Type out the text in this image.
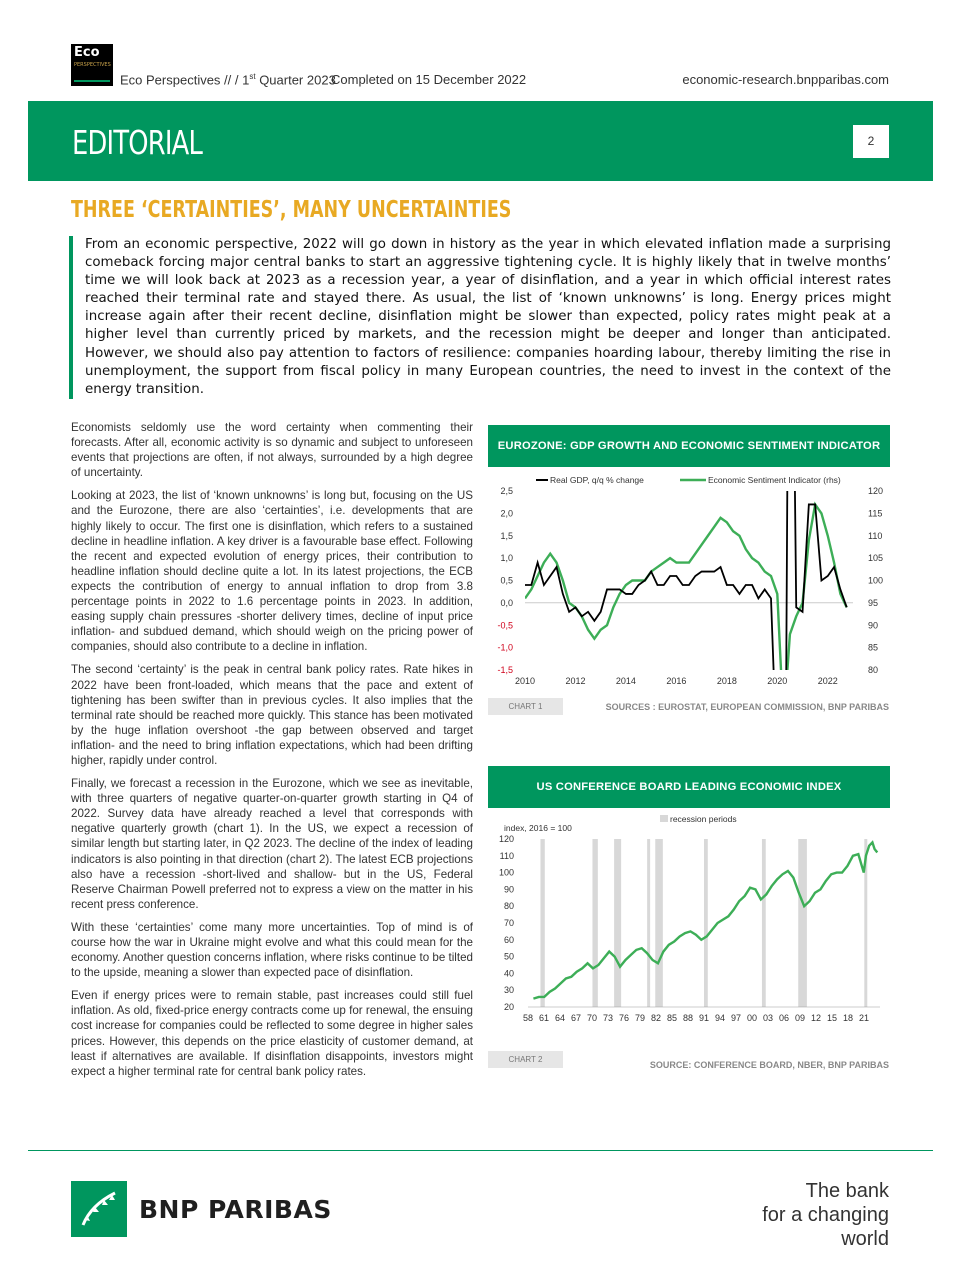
Eco
PERSPECTIVES
Eco Perspectives // / 1st Quarter 2023
Completed on 15 December 2022	economic-research.bnpparibas.com
EDITORIAL	2
THREE ‘CERTAINTIES’, MANY UNCERTAINTIES
From an economic perspective, 2022 will go down in history as the year in which elevated inflation made a surprising comeback forcing major central banks to start an aggressive tightening cycle. It is highly likely that in twelve months’ time we will look back at 2023 as a recession year, a year of disinflation, and a year in which official interest rates reached their terminal rate and stayed there. As usual, the list of ‘known unknowns’ is long. Energy prices might increase again after their recent decline, disinflation might be slower than expected, policy rates might peak at a higher level than currently priced by markets, and the recession might be deeper and longer than anticipated. However, we should also pay attention to factors of resilience: companies hoarding labour, thereby limiting the rise in unemployment, the support from fiscal policy in many European countries, the need to invest in the context of the energy transition.

Economists seldomly use the word certainty when commenting their forecasts. After all, economic activity is so dynamic and subject to unforeseen events that projections are often, if not always, surrounded by a high degree of uncertainty.

Looking at 2023, the list of ‘known unknowns’ is long but, focusing on the US and the Eurozone, there are also ‘certainties’, i.e. developments that are highly likely to occur. The first one is disinflation, which refers to a sustained decline in headline inflation. A key driver is a favourable base effect. Following the recent and expected evolution of energy prices, their contribution to headline inflation should decline quite a lot. In its latest projections, the ECB expects the contribution of energy to annual inflation to drop from 3.8 percentage points in 2022 to 1.6 percentage points in 2023. In addition, easing supply chain pressures -shorter delivery times, decline of input price inflation- and subdued demand, which should weigh on the pricing power of companies, should also contribute to a decline in inflation.

The second ‘certainty’ is the peak in central bank policy rates. Rate hikes in 2022 have been front-loaded, which means that the pace and extent of tightening has been swifter than in previous cycles. It also implies that the terminal rate should be reached more quickly. This stance has been motivated by the huge inflation overshoot -the gap between observed and target inflation- and the need to bring inflation expectations, which had been drifting higher, rapidly under control.

Finally, we forecast a recession in the Eurozone, which we see as inevitable, with three quarters of negative quarter-on-quarter growth starting in Q4 of 2022. Survey data have already reached a level that corresponds with negative quarterly growth (chart 1). In the US, we expect a recession of similar length but starting later, in Q2 2023. The decline of the index of leading indicators is also pointing in that direction (chart 2). The latest ECB projections also have a recession -short-lived and shallow- but in the US, Federal Reserve Chairman Powell preferred not to express a view on the matter in his recent press conference.

With these ‘certainties’ come many more uncertainties. Top of mind is of course how the war in Ukraine might evolve and what this could mean for the economy. Another question concerns inflation, where risks continue to be tilted to the upside, meaning a slower than expected pace of disinflation.

Even if energy prices were to remain stable, past increases could still fuel inflation. As old, fixed-price energy contracts come up for renewal, the ensuing cost increase for companies could be reflected to some degree in higher sales prices. However, this depends on the price elasticity of customer demand, at least if alternatives are available. If disinflation disappoints, investors might expect a higher terminal rate for central bank policy rates.

EUROZONE: GDP GROWTH AND ECONOMIC SENTIMENT INDICATOR
2,5
2,0
1,5
1,0
0,5
0,0
-0,5
-1,0
-1,5
120
115
110
105
100
95
90
85
80
2010	2012	2014	2016	2018	2020	2022
Real GDP, q/q % change	Economic Sentiment Indicator (rhs)
CHART 1	SOURCES : EUROSTAT, EUROPEAN COMMISSION, BNP PARIBAS
US CONFERENCE BOARD LEADING ECONOMIC INDEX
120
110
100
90
80
70
60
50
40
30
20
58 61 64 67 70 73 76 79 82 85 88 91 94 97 00 03 06 09 12 15 18 21
index, 2016 = 100
recession periods
CHART 2
SOURCE: CONFERENCE BOARD, NBER, BNP PARIBAS
BNP PARIBAS
The bank
for a changing
world
